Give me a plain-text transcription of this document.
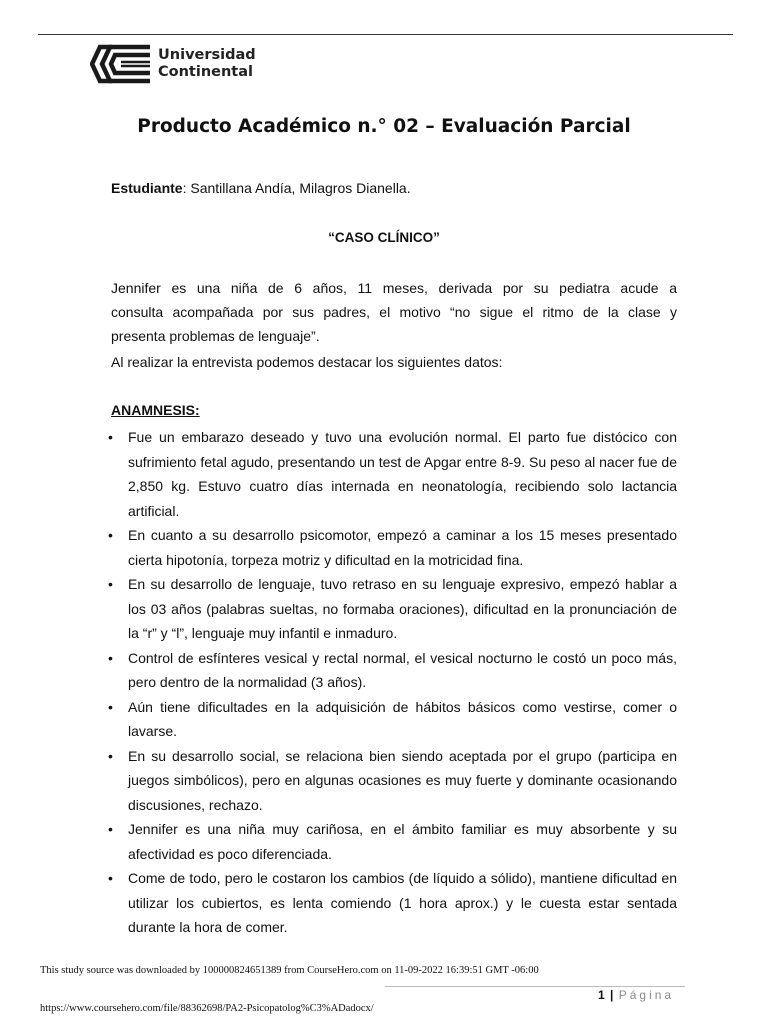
Universidad
Continental
Producto Académico n.° 02 – Evaluación Parcial
Estudiante: Santillana Andía, Milagros Dianella.
“CASO CLÍNICO”
Jennifer es una niña de 6 años, 11 meses, derivada por su pediatra acude a
consulta acompañada por sus padres, el motivo “no sigue el ritmo de la clase y
presenta problemas de lenguaje”.
Al realizar la entrevista podemos destacar los siguientes datos:
ANAMNESIS:
• Fue un embarazo deseado y tuvo una evolución normal. El parto fue distócico con sufrimiento fetal agudo, presentando un test de Apgar entre 8-9. Su peso al nacer fue de 2,850 kg. Estuvo cuatro días internada en neonatología, recibiendo solo lactancia artificial.
• En cuanto a su desarrollo psicomotor, empezó a caminar a los 15 meses presentado cierta hipotonía, torpeza motriz y dificultad en la motricidad fina.
• En su desarrollo de lenguaje, tuvo retraso en su lenguaje expresivo, empezó hablar a los 03 años (palabras sueltas, no formaba oraciones), dificultad en la pronunciación de la “r” y “l”, lenguaje muy infantil e inmaduro.
• Control de esfínteres vesical y rectal normal, el vesical nocturno le costó un poco más, pero dentro de la normalidad (3 años).
• Aún tiene dificultades en la adquisición de hábitos básicos como vestirse, comer o lavarse.
• En su desarrollo social, se relaciona bien siendo aceptada por el grupo (participa en juegos simbólicos), pero en algunas ocasiones es muy fuerte y dominante ocasionando discusiones, rechazo.
• Jennifer es una niña muy cariñosa, en el ámbito familiar es muy absorbente y su afectividad es poco diferenciada.
• Come de todo, pero le costaron los cambios (de líquido a sólido), mantiene dificultad en utilizar los cubiertos, es lenta comiendo (1 hora aprox.) y le cuesta estar sentada durante la hora de comer.
This study source was downloaded by 100000824651389 from CourseHero.com on 11-09-2022 16:39:51 GMT -06:00
1 | Página
https://www.coursehero.com/file/88362698/PA2-Psicopatolog%C3%ADadocx/
